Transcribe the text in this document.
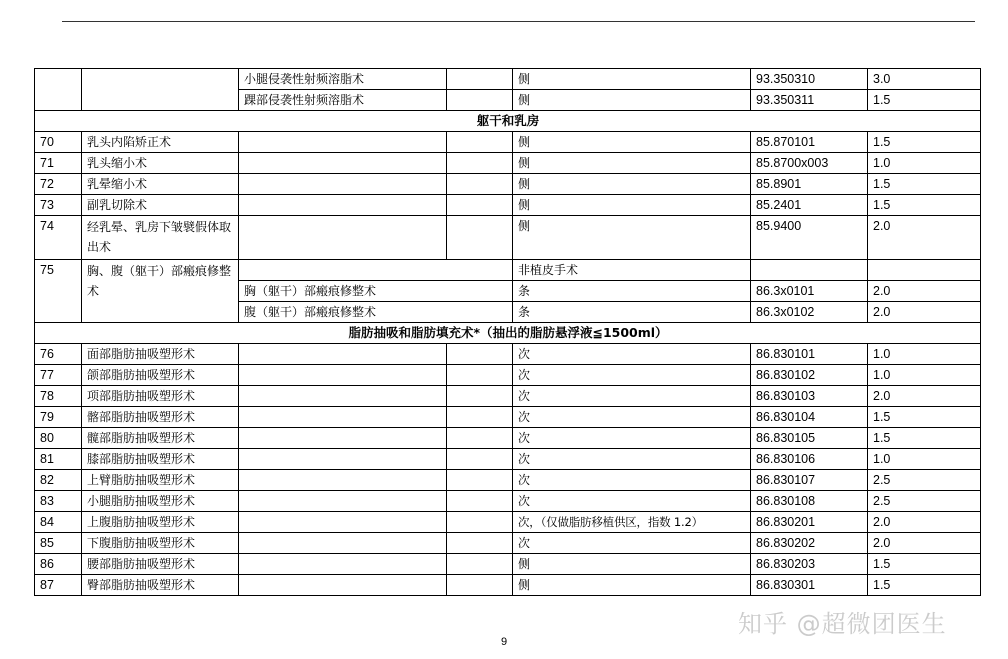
		小腿侵袭性射频溶脂术		侧	93.350310	3.0
		踝部侵袭性射频溶脂术		侧	93.350311	1.5
躯干和乳房						
70	乳头内陷矫正术			侧	85.870101	1.5
71	乳头缩小术			侧	85.8700x003	1.0
72	乳晕缩小术			侧	85.8901	1.5
73	副乳切除术			侧	85.2401	1.5
74	经乳晕、乳房下皱襞假体取出术			侧	85.9400	2.0
75	胸、腹（躯干）部瘢痕修整术			非植皮手术		
		胸（躯干）部瘢痕修整术		条	86.3x0101	2.0
		腹（躯干）部瘢痕修整术		条	86.3x0102	2.0
脂肪抽吸和脂肪填充术*（抽出的脂肪悬浮液≦1500ml）						
76	面部脂肪抽吸塑形术			次	86.830101	1.0
77	颌部脂肪抽吸塑形术			次	86.830102	1.0
78	项部脂肪抽吸塑形术			次	86.830103	2.0
79	髂部脂肪抽吸塑形术			次	86.830104	1.5
80	髋部脂肪抽吸塑形术			次	86.830105	1.5
81	膝部脂肪抽吸塑形术			次	86.830106	1.0
82	上臂脂肪抽吸塑形术			次	86.830107	2.5
83	小腿脂肪抽吸塑形术			次	86.830108	2.5
84	上腹脂肪抽吸塑形术			次，（仅做脂肪移植供区，指数 1.2）	86.830201	2.0
85	下腹脂肪抽吸塑形术			次	86.830202	2.0
86	腰部脂肪抽吸塑形术			侧	86.830203	1.5
87	臀部脂肪抽吸塑形术			侧	86.830301	1.5
知乎 @超微团医生
9
